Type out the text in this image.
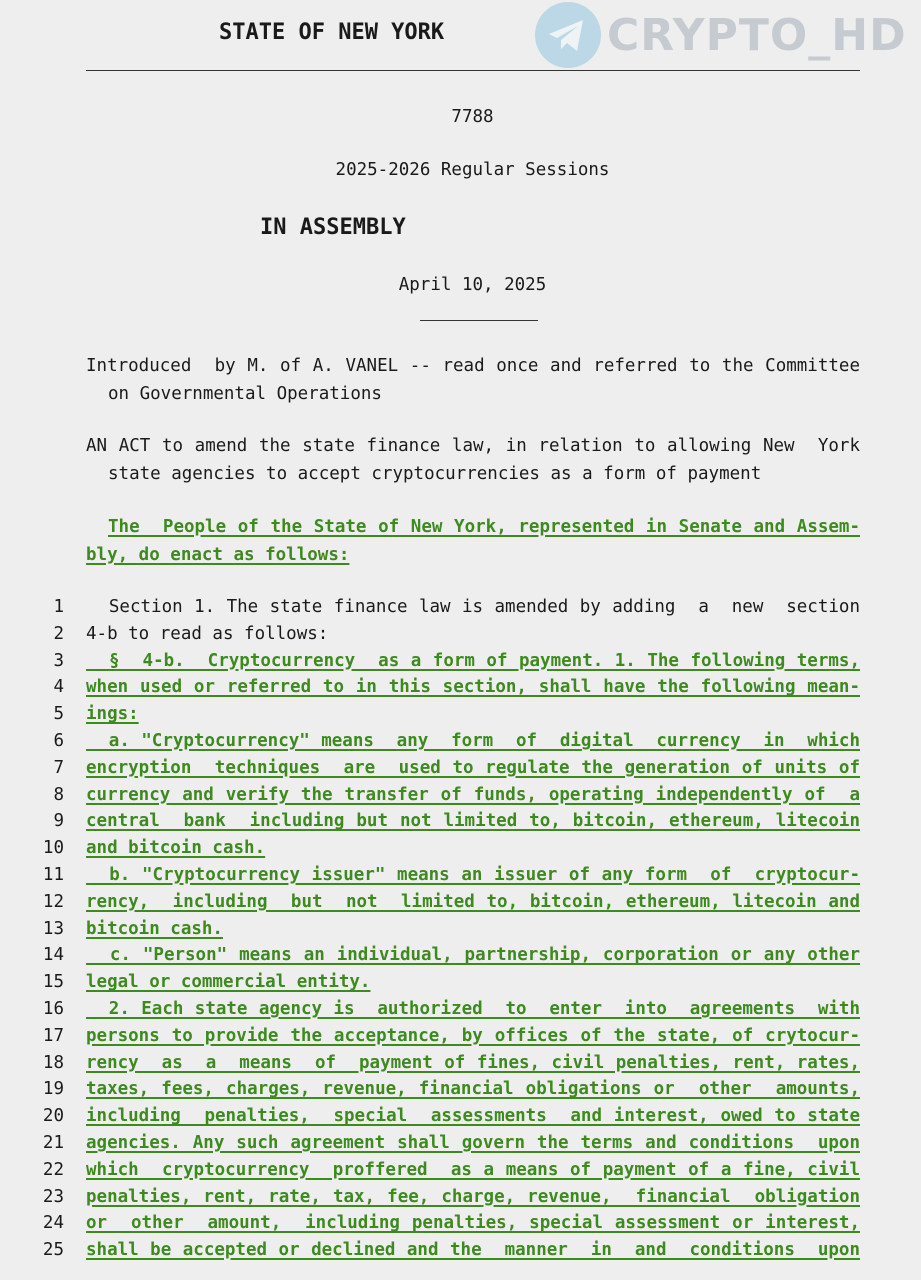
STATE OF NEW YORK	CRYPTO_HD
7788
2025-2026 Regular Sessions
IN ASSEMBLY
April 10, 2025

Introduced  by M. of A. VANEL -- read once and referred to the Committee

on Governmental Operations

AN ACT to amend the state finance law, in relation to allowing New  York

state agencies to accept cryptocurrencies as a form of payment

The  People of the State of New York, represented in Senate and Assem-

bly, do enact as follows:

1 Section 1. The state finance law is amended by adding  a  new  section
2 4-b to read as follows:
3 §  4-b.  Cryptocurrency  as a form of payment. 1. The following terms,
4 when used or referred to in this section, shall have the following mean-
5 ings:
6 a. "Cryptocurrency" means  any  form  of  digital  currency  in  which
7 encryption  techniques  are  used to regulate the generation of units of
8 currency and verify the transfer of funds, operating independently of  a
9 central  bank  including but not limited to, bitcoin, ethereum, litecoin
10 and bitcoin cash.
11 b. "Cryptocurrency issuer" means an issuer of any form  of  cryptocur-
12 rency,  including  but  not  limited to, bitcoin, ethereum, litecoin and
13 bitcoin cash.
14 c. "Person" means an individual, partnership, corporation or any other
15 legal or commercial entity.
16 2. Each state agency is  authorized  to  enter  into  agreements  with
17 persons to provide the acceptance, by offices of the state, of crytocur-
18 rency  as  a  means  of  payment of fines, civil penalties, rent, rates,
19 taxes, fees, charges, revenue, financial obligations or  other  amounts,
20 including  penalties,  special  assessments  and interest, owed to state
21 agencies. Any such agreement shall govern the terms and conditions  upon
22 which  cryptocurrency  proffered  as a means of payment of a fine, civil
23 penalties, rent, rate, tax, fee, charge, revenue,  financial  obligation
24 or  other  amount,  including penalties, special assessment or interest,
25 shall be accepted or declined and the  manner  in  and  conditions  upon
